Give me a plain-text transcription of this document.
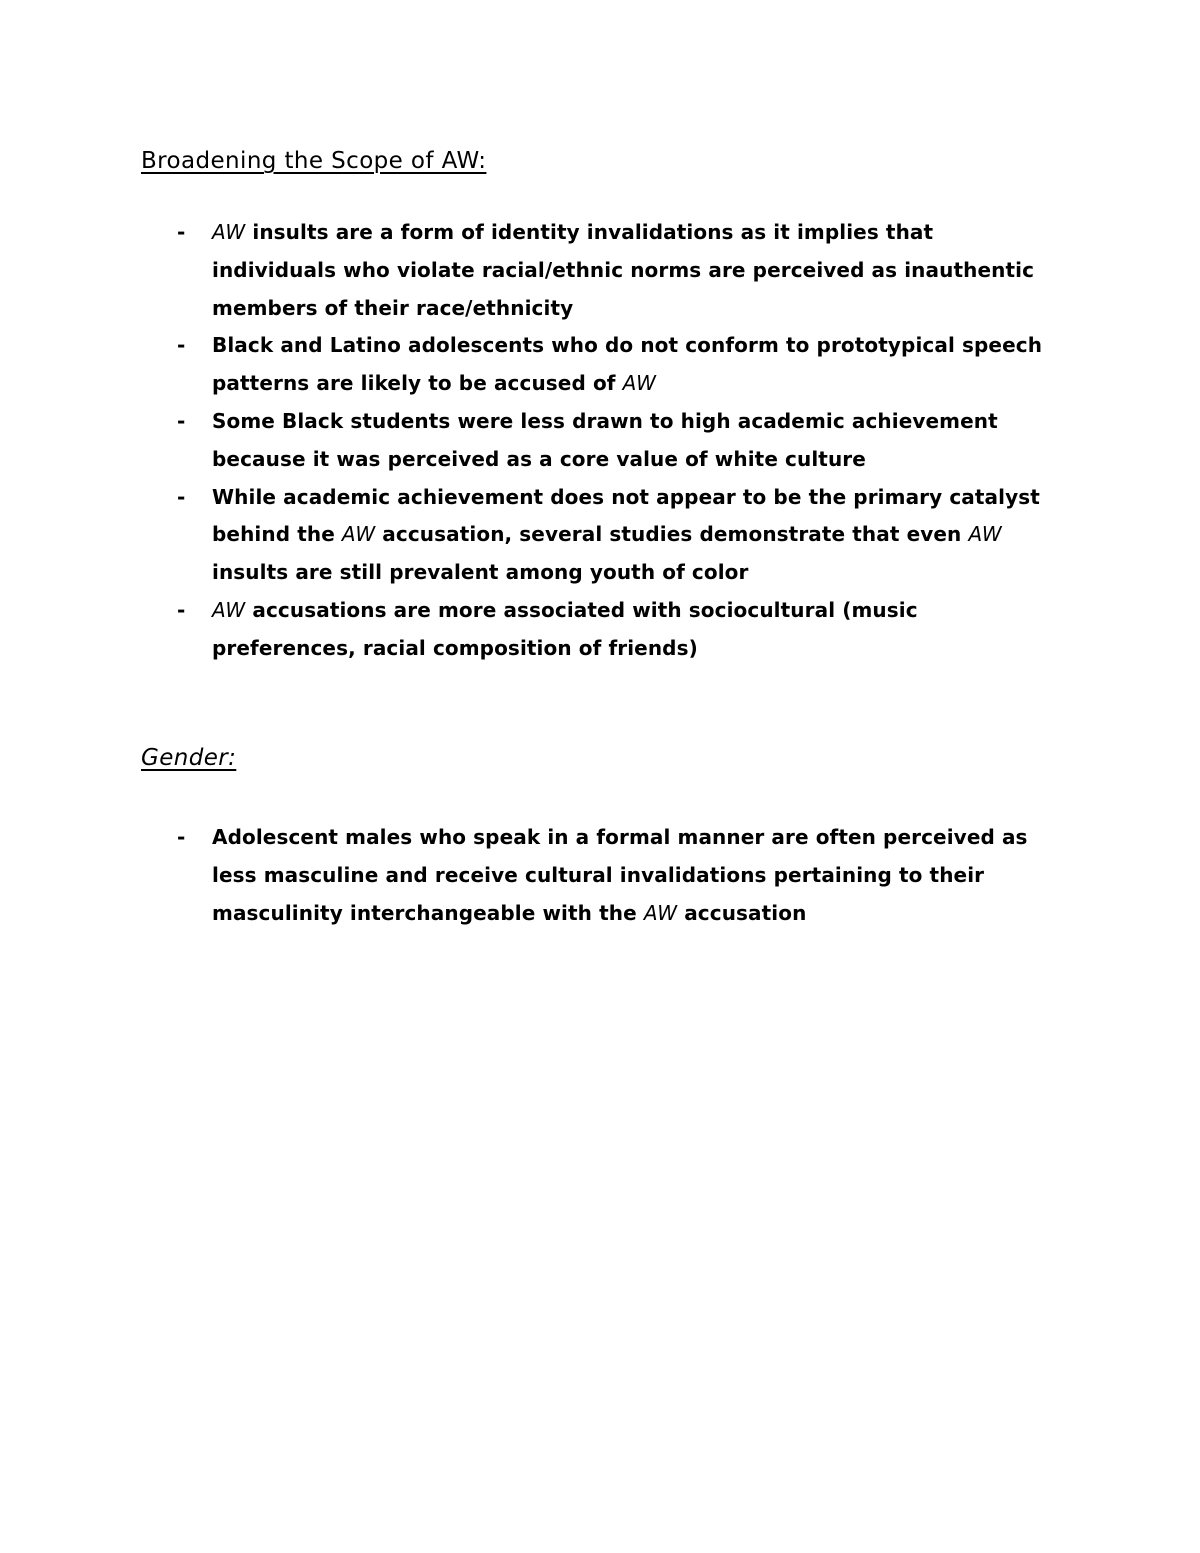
Broadening the Scope of AW:
- AW insults are a form of identity invalidations as it implies that individuals who violate racial/ethnic norms are perceived as inauthentic members of their race/ethnicity
- Black and Latino adolescents who do not conform to prototypical speech patterns are likely to be accused of AW
- Some Black students were less drawn to high academic achievement because it was perceived as a core value of white culture
- While academic achievement does not appear to be the primary catalyst behind the AW accusation, several studies demonstrate that even AW insults are still prevalent among youth of color
- AW accusations are more associated with sociocultural (music preferences, racial composition of friends)
Gender:
- Adolescent males who speak in a formal manner are often perceived as less masculine and receive cultural invalidations pertaining to their masculinity interchangeable with the AW accusation
